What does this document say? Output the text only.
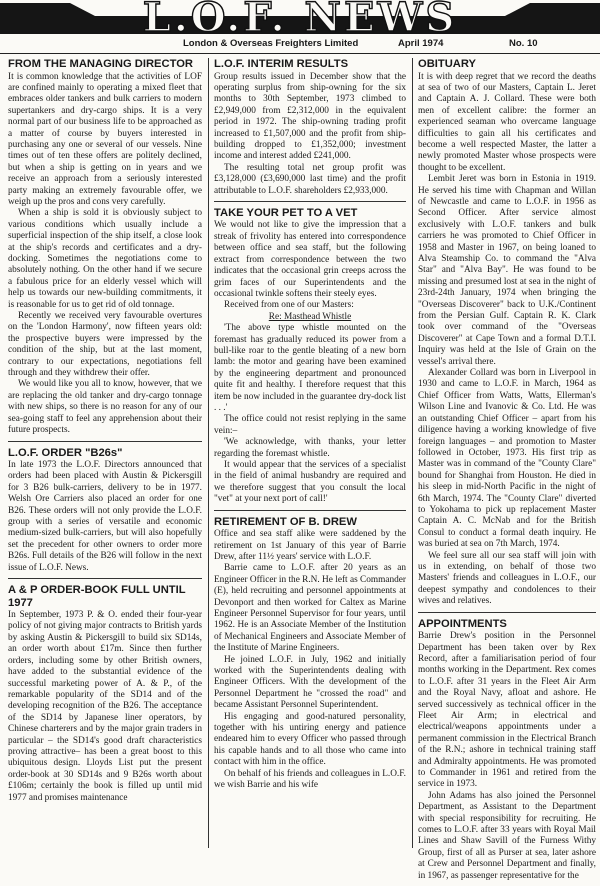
L.O.F. NEWS
London & Overseas Freighters Limited	April 1974	No. 10
FROM THE MANAGING DIRECTOR

It is common knowledge that the activities of LOF are confined mainly to operating a mixed fleet that embraces older tankers and bulk carriers to modern supertankers and dry-cargo ships. It is a very normal part of our business life to be approached as a matter of course by buyers interested in purchasing any one or several of our vessels. Nine times out of ten these offers are politely declined, but when a ship is getting on in years and we receive an approach from a seriously interested party making an extremely favourable offer, we weigh up the pros and cons very carefully.

When a ship is sold it is obviously subject to various conditions which usually include a superficial inspection of the ship itself, a close look at the ship's records and certificates and a dry-docking. Sometimes the negotiations come to absolutely nothing. On the other hand if we secure a fabulous price for an elderly vessel which will help us towards our new-building commitments, it is reasonable for us to get rid of old tonnage.

Recently we received very favourable overtures on the 'London Harmony', now fifteen years old: the prospective buyers were impressed by the condition of the ship, but at the last moment, contrary to our expectations, negotiations fell through and they withdrew their offer.

We would like you all to know, however, that we are replacing the old tanker and dry-cargo tonnage with new ships, so there is no reason for any of our sea-going staff to feel any apprehension about their future prospects.

L.O.F. ORDER "B26s"

In late 1973 the L.O.F. Directors announced that orders had been placed with Austin & Pickersgill for 3 B26 bulk-carriers, delivery to be in 1977. Welsh Ore Carriers also placed an order for one B26. These orders will not only provide the L.O.F. group with a series of versatile and economic medium-sized bulk-carriers, but will also hopefully set the precedent for other owners to order more B26s. Full details of the B26 will follow in the next issue of L.O.F. News.

A & P ORDER-BOOK FULL UNTIL 1977

In September, 1973 P. & O. ended their four-year policy of not giving major contracts to British yards by asking Austin & Pickersgill to build six SD14s, an order worth about £17m. Since then further orders, including some by other British owners, have added to the substantial evidence of the successful marketing power of A. & P., of the remarkable popularity of the SD14 and of the developing recognition of the B26. The acceptance of the SD14 by Japanese liner operators, by Chinese charterers and by the major grain traders in particular – the SD14's good draft characteristics proving attractive– has been a great boost to this ubiquitous design. Lloyds List put the present order-book at 30 SD14s and 9 B26s worth about £106m; certainly the book is filled up until mid 1977 and promises maintenance

L.O.F. INTERIM RESULTS

Group results issued in December show that the operating surplus from ship-owning for the six months to 30th September, 1973 climbed to £2,949,000 from £2,312,000 in the equivalent period in 1972. The ship-owning trading profit increased to £1,507,000 and the profit from ship-building dropped to £1,352,000; investment income and interest added £241,000.

The resulting total net group profit was £3,128,000 (£3,690,000 last time) and the profit attributable to L.O.F. shareholders £2,933,000.

TAKE YOUR PET TO A VET

We would not like to give the impression that a streak of frivolity has entered into correspondence between office and sea staff, but the following extract from correspondence between the two indicates that the occasional grin creeps across the grim faces of our Superintendents and the occasional twinkle softens their steely eyes.

Received from one of our Masters:

Re: Masthead Whistle

'The above type whistle mounted on the foremast has gradually reduced its power from a bull-like roar to the gentle bleating of a new born lamb: the motor and gearing have been examined by the engineering department and pronounced quite fit and healthy. I therefore request that this item be now included in the guarantee dry-dock list . . .'

The office could not resist replying in the same vein:–

'We acknowledge, with thanks, your letter regarding the foremast whistle.

It would appear that the services of a specialist in the field of animal husbandry are required and we therefore suggest that you consult the local "vet" at your next port of call!'

RETIREMENT OF B. DREW

Office and sea staff alike were saddened by the retirement on 1st January of this year of Barrie Drew, after 11½ years' service with L.O.F.

Barrie came to L.O.F. after 20 years as an Engineer Officer in the R.N. He left as Commander (E), held recruiting and personnel appointments at Devonport and then worked for Caltex as Marine Engineer Personnel Supervisor for four years, until 1962. He is an Associate Member of the Institution of Mechanical Engineers and Associate Member of the Institute of Marine Engineers.

He joined L.O.F. in July, 1962 and initially worked with the Superintendents dealing with Engineer Officers. With the development of the Personnel Department he "crossed the road" and became Assistant Personnel Superintendent.

His engaging and good-natured personality, together with his untiring energy and patience endeared him to every Officer who passed through his capable hands and to all those who came into contact with him in the office.

On behalf of his friends and colleagues in L.O.F. we wish Barrie and his wife

OBITUARY

It is with deep regret that we record the deaths at sea of two of our Masters, Captain L. Jeret and Captain A. J. Collard. These were both men of excellent calibre: the former an experienced seaman who overcame language difficulties to gain all his certificates and become a well respected Master, the latter a newly promoted Master whose prospects were thought to be excellent.

Lembit Jeret was born in Estonia in 1919. He served his time with Chapman and Willan of Newcastle and came to L.O.F. in 1956 as Second Officer. After service almost exclusively with L.O.F. tankers and bulk carriers he was promoted to Chief Officer in 1958 and Master in 1967, on being loaned to Alva Steamship Co. to command the "Alva Star" and "Alva Bay". He was found to be missing and presumed lost at sea in the night of 23rd-24th January, 1974 when bringing the "Overseas Discoverer" back to U.K./Continent from the Persian Gulf. Captain R. K. Clark took over command of the "Overseas Discoverer" at Cape Town and a formal D.T.I. Inquiry was held at the Isle of Grain on the vessel's arrival there.

Alexander Collard was born in Liverpool in 1930 and came to L.O.F. in March, 1964 as Chief Officer from Watts, Watts, Ellerman's Wilson Line and Ivanovic & Co. Ltd. He was an outstanding Chief Officer – apart from his diligence having a working knowledge of five foreign languages – and promotion to Master followed in October, 1973. His first trip as Master was in command of the "County Clare" bound for Shanghai from Houston. He died in his sleep in mid-North Pacific in the night of 6th March, 1974. The "County Clare" diverted to Yokohama to pick up replacement Master Captain A. C. McNab and for the British Consul to conduct a formal death inquiry. He was buried at sea on 7th March, 1974.

We feel sure all our sea staff will join with us in extending, on behalf of those two Masters' friends and colleagues in L.O.F., our deepest sympathy and condolences to their wives and relatives.

APPOINTMENTS

Barrie Drew's position in the Personnel Department has been taken over by Rex Record, after a familiarisation period of four months working in the Department. Rex comes to L.O.F. after 31 years in the Fleet Air Arm and the Royal Navy, afloat and ashore. He served successively as technical officer in the Fleet Air Arm; in electrical and electrical/weapons appointments under a permanent commission in the Electrical Branch of the R.N.; ashore in technical training staff and Admiralty appointments. He was promoted to Commander in 1961 and retired from the service in 1973.

John Adams has also joined the Personnel Department, as Assistant to the Department with special responsibility for recruiting. He comes to L.O.F. after 33 years with Royal Mail Lines and Shaw Savill of the Furness Withy Group, first of all as Purser at sea, later ashore at Crew and Personnel Department and finally, in 1967, as passenger representative for the
